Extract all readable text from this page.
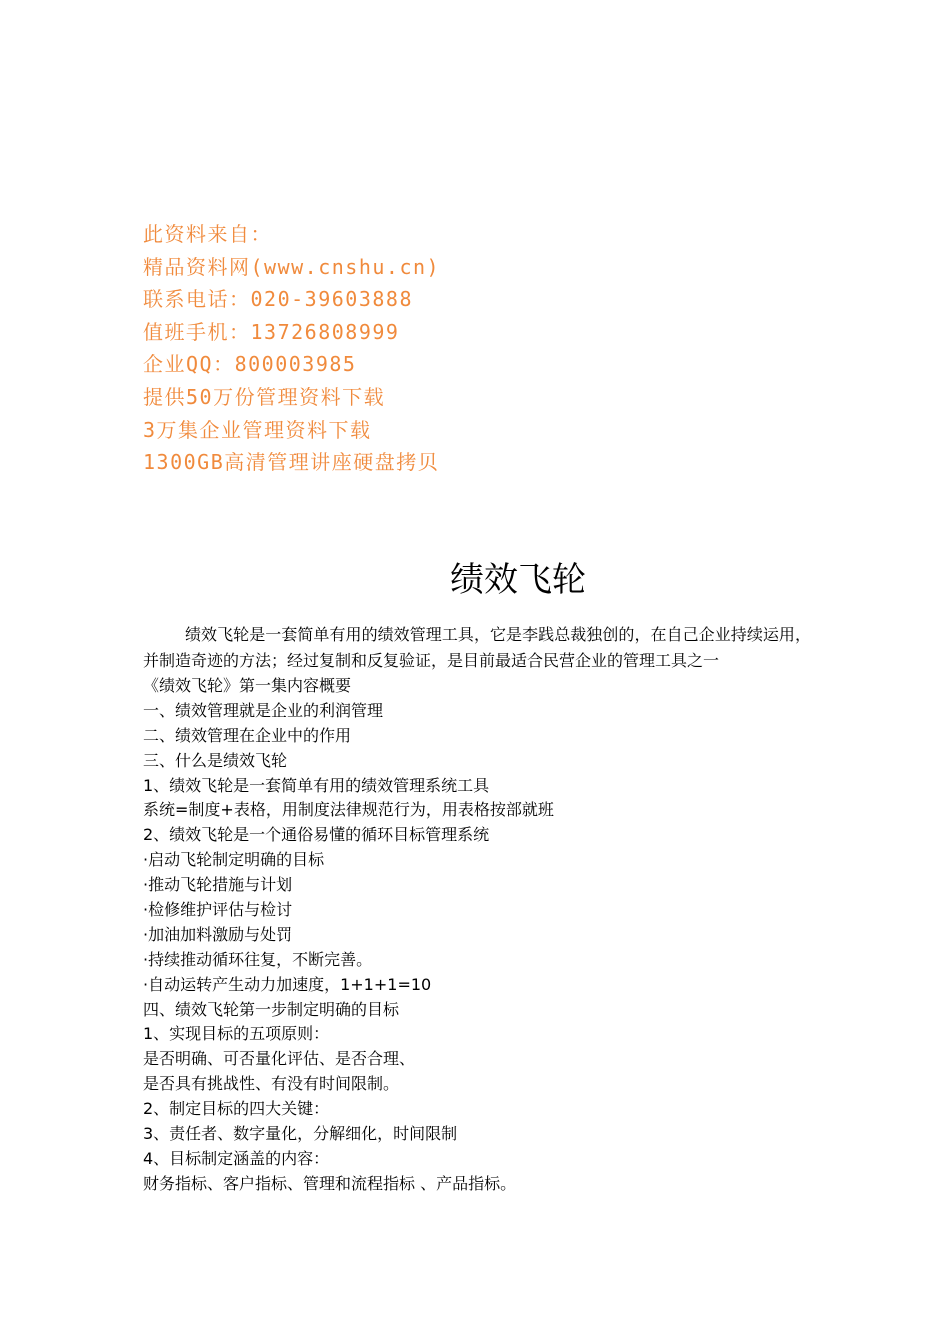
此资料来自：
精品资料网(www.cnshu.cn)
联系电话：020-39603888
值班手机：13726808999
企业QQ：800003985
提供50万份管理资料下载
3万集企业管理资料下载
1300GB高清管理讲座硬盘拷贝
绩效飞轮

绩效飞轮是一套简单有用的绩效管理工具，它是李践总裁独创的，在自己企业持续运用，并制造奇迹的方法；经过复制和反复验证，是目前最适合民营企业的管理工具之一

《绩效飞轮》第一集内容概要

一、绩效管理就是企业的利润管理

二、绩效管理在企业中的作用

三、什么是绩效飞轮

1、绩效飞轮是一套简单有用的绩效管理系统工具

系统=制度+表格，用制度法律规范行为，用表格按部就班

2、绩效飞轮是一个通俗易懂的循环目标管理系统

·启动飞轮制定明确的目标

·推动飞轮措施与计划

·检修维护评估与检讨

·加油加料激励与处罚

·持续推动循环往复，不断完善。

·自动运转产生动力加速度，1+1+1=10

四、绩效飞轮第一步制定明确的目标

1、实现目标的五项原则：

是否明确、可否量化评估、是否合理、

是否具有挑战性、有没有时间限制。

2、制定目标的四大关键：

3、责任者、数字量化，分解细化，时间限制

4、目标制定涵盖的内容：

财务指标、客户指标、管理和流程指标 、产品指标。
